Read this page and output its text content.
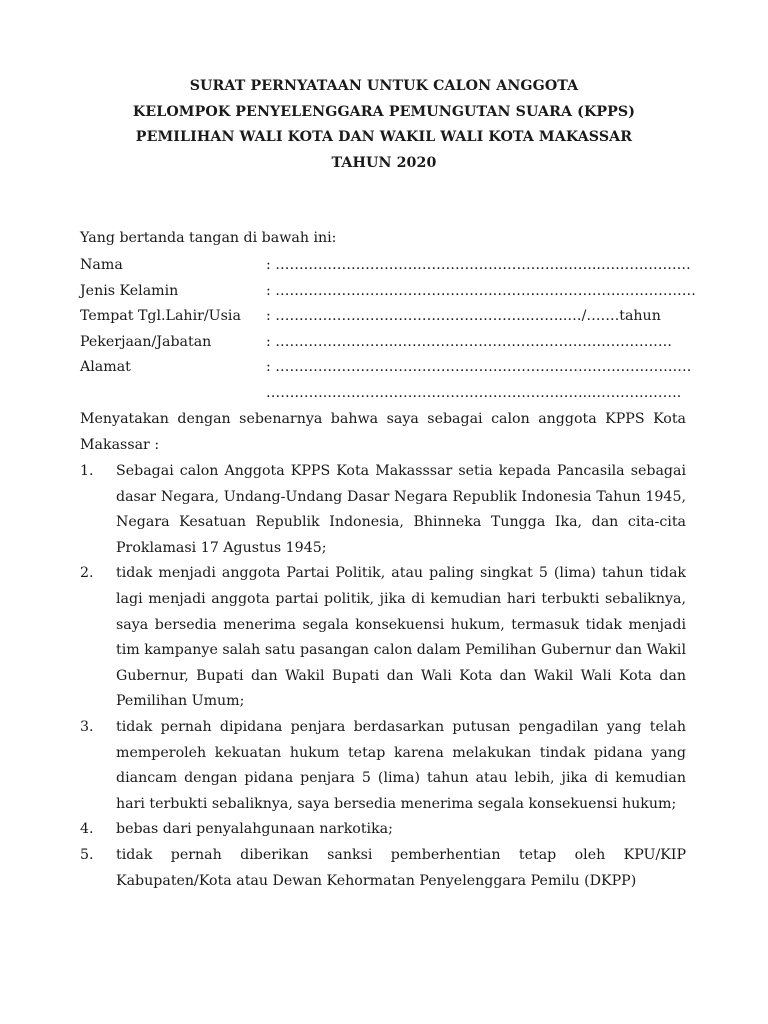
SURAT PERNYATAAN UNTUK CALON ANGGOTA
KELOMPOK PENYELENGGARA PEMUNGUTAN SUARA (KPPS)
PEMILIHAN WALI KOTA DAN WAKIL WALI KOTA MAKASSAR
TAHUN 2020
Yang bertanda tangan di bawah ini:
Nama	: …………………………………………………….……..……………….
Jenis Kelamin	: ……………………………………….…………………………………….
Tempat Tgl.Lahir/Usia : …………………………….………………..……..…/…….tahun
Pekerjaan/Jabatan	: ……………………..………………………………………………….
Alamat	: …………………………………………………………………………….
………….………………………………………………..……………….
Menyatakan dengan sebenarnya bahwa saya sebagai calon anggota KPPS Kota Makassar :
1. Sebagai calon Anggota KPPS Kota Makasssar setia kepada Pancasila sebagai dasar Negara, Undang-Undang Dasar Negara Republik Indonesia Tahun 1945, Negara Kesatuan Republik Indonesia, Bhinneka Tungga Ika, dan cita-cita Proklamasi 17 Agustus 1945;
2. tidak menjadi anggota Partai Politik, atau paling singkat 5 (lima) tahun tidak lagi menjadi anggota partai politik, jika di kemudian hari terbukti sebaliknya, saya bersedia menerima segala konsekuensi hukum, termasuk tidak menjadi tim kampanye salah satu pasangan calon dalam Pemilihan Gubernur dan Wakil Gubernur, Bupati dan Wakil Bupati dan Wali Kota dan Wakil Wali Kota dan Pemilihan Umum;
3. tidak pernah dipidana penjara berdasarkan putusan pengadilan yang telah memperoleh kekuatan hukum tetap karena melakukan tindak pidana yang diancam dengan pidana penjara 5 (lima) tahun atau lebih, jika di kemudian hari terbukti sebaliknya, saya bersedia menerima segala konsekuensi hukum;
4. bebas dari penyalahgunaan narkotika;
5. tidak pernah diberikan sanksi pemberhentian tetap oleh KPU/KIP Kabupaten/Kota atau Dewan Kehormatan Penyelenggara Pemilu (DKPP)
